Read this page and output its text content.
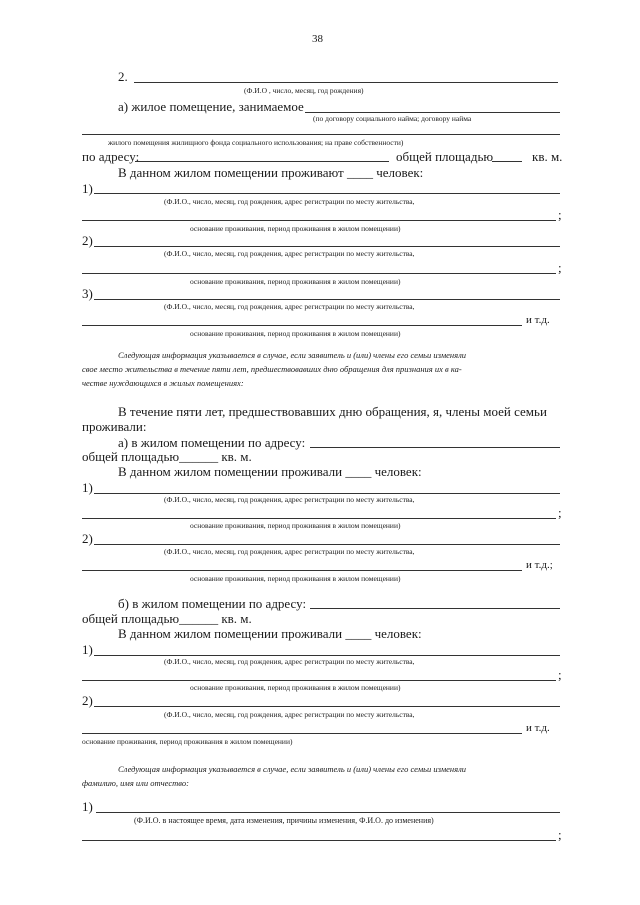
38
2.
(Ф.И.О , число, месяц, год рождения)
а) жилое помещение, занимаемое
(по договору социального найма; договору найма
жилого помещения жилищного фонда социального использования; на праве собственности)
по адресу:	общей площадью	кв. м.
В данном жилом помещении проживают ____ человек:
1)
(Ф.И.О., число, месяц, год рождения, адрес регистрации по месту жительства,
;
основание проживания, период проживания в жилом помещении)
2)
(Ф.И.О., число, месяц, год рождения, адрес регистрации по месту жительства,
;
основание проживания, период проживания в жилом помещении)
3)
(Ф.И.О., число, месяц, год рождения, адрес регистрации по месту жительства,
и т.д.
основание проживания, период проживания в жилом помещении)
Следующая информация указывается в случае, если заявитель и (или) члены его семьи изменяли
свое место жительства в течение пяти лет, предшествовавших дню обращения для признания их в ка-
честве нуждающихся в жилых помещениях:
В течение пяти лет, предшествовавших дню обращения, я, члены моей семьи
проживали:
а) в жилом помещении по адресу:
общей площадью______ кв. м.
В данном жилом помещении проживали ____ человек:
1)
(Ф.И.О., число, месяц, год рождения, адрес регистрации по месту жительства,
;
основание проживания, период проживания в жилом помещении)
2)
(Ф.И.О., число, месяц, год рождения, адрес регистрации по месту жительства,
и т.д.;
основание проживания, период проживания в жилом помещении)
б) в жилом помещении по адресу:
общей площадью______ кв. м.
В данном жилом помещении проживали ____ человек:
1)
(Ф.И.О., число, месяц, год рождения, адрес регистрации по месту жительства,
;
основание проживания, период проживания в жилом помещении)
2)
(Ф.И.О., число, месяц, год рождения, адрес регистрации по месту жительства,
и т.д.
основание проживания, период проживания в жилом помещении)
Следующая информация указывается в случае, если заявитель и (или) члены его семьи изменяли
фамилию, имя или отчество:
1)
(Ф.И.О. в настоящее время, дата изменения, причины изменения, Ф.И.О. до изменения)
;
